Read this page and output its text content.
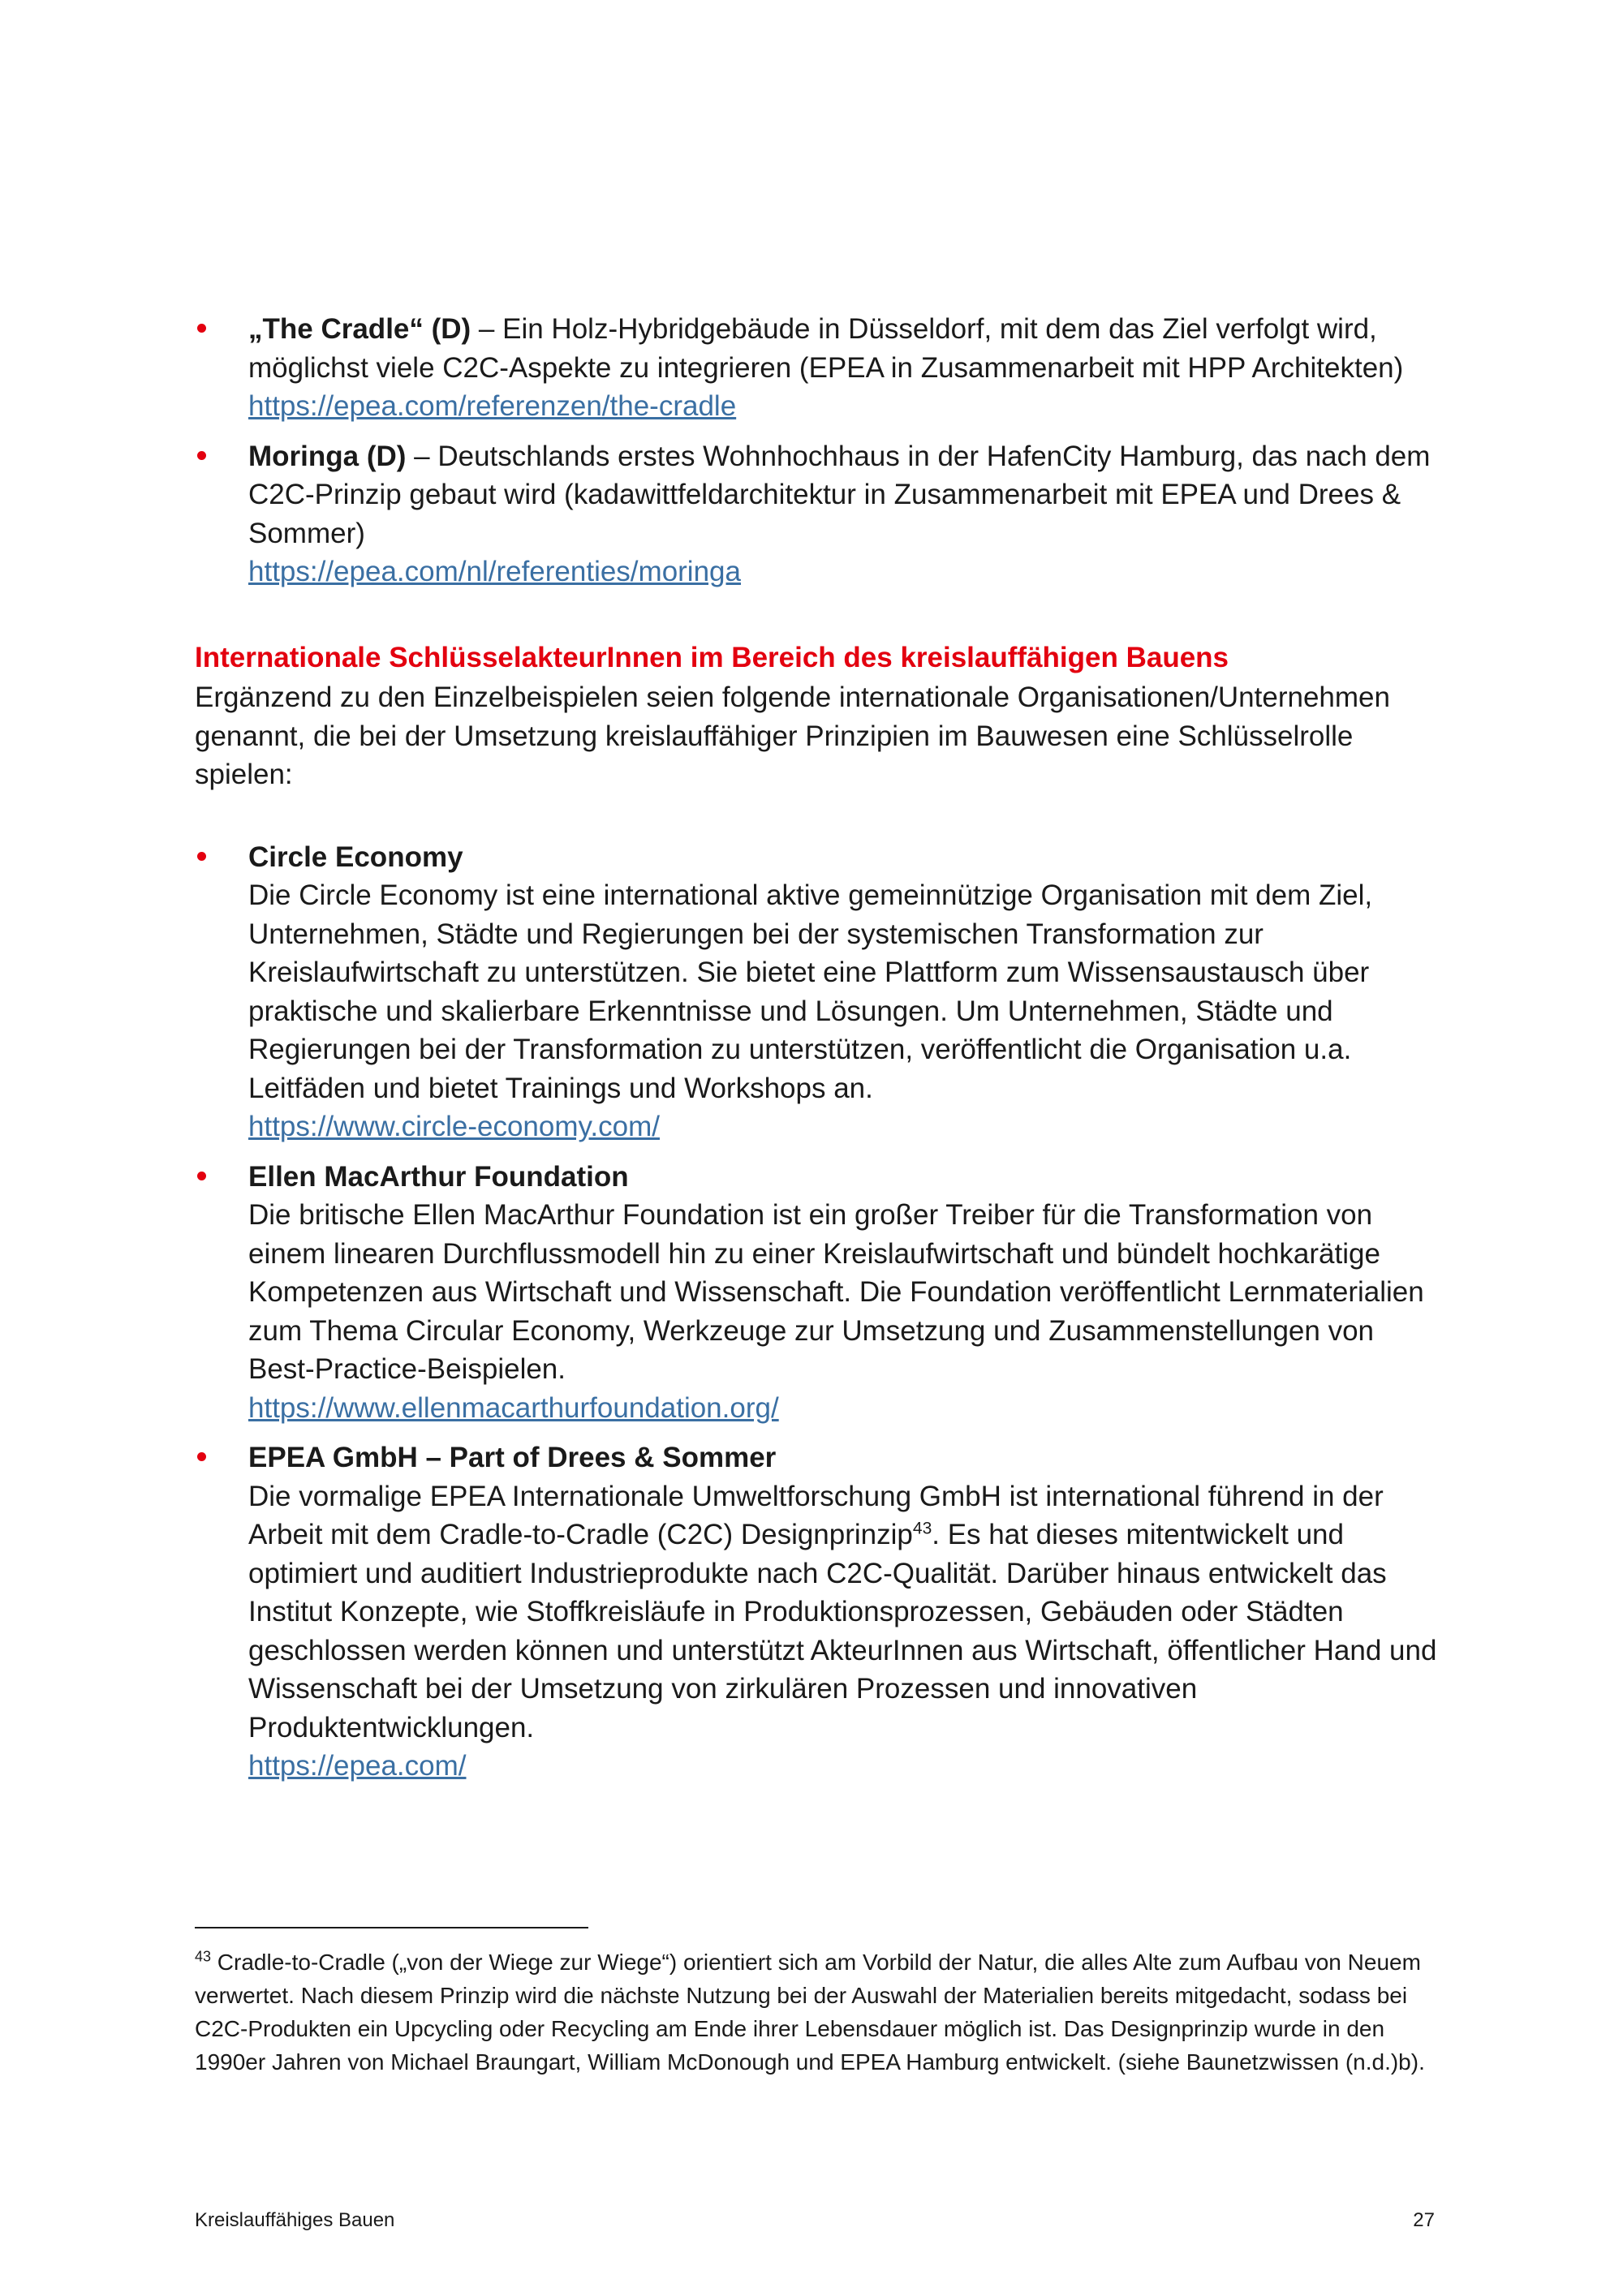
„The Cradle“ (D) – Ein Holz-Hybridgebäude in Düsseldorf, mit dem das Ziel verfolgt wird, möglichst viele C2C-Aspekte zu integrieren (EPEA in Zusammenarbeit mit HPP Architekten)
https://epea.com/referenzen/the-cradle
Moringa (D) – Deutschlands erstes Wohnhochhaus in der HafenCity Hamburg, das nach dem C2C-Prinzip gebaut wird (kadawittfeldarchitektur in Zusammenarbeit mit EPEA und Drees & Sommer)
https://epea.com/nl/referenties/moringa
Internationale SchlüsselakteurInnen im Bereich des kreislauffähigen Bauens

Ergänzend zu den Einzelbeispielen seien folgende internationale Organisationen/Unternehmen genannt, die bei der Umsetzung kreislauffähiger Prinzipien im Bauwesen eine Schlüsselrolle spielen:

Circle Economy
Die Circle Economy ist eine international aktive gemeinnützige Organisation mit dem Ziel, Unternehmen, Städte und Regierungen bei der systemischen Transformation zur Kreislaufwirtschaft zu unterstützen. Sie bietet eine Plattform zum Wissensaustausch über praktische und skalierbare Erkenntnisse und Lösungen. Um Unternehmen, Städte und Regierungen bei der Transformation zu unterstützen, veröffentlicht die Organisation u.a. Leitfäden und bietet Trainings und Workshops an.
https://www.circle-economy.com/
Ellen MacArthur Foundation
Die britische Ellen MacArthur Foundation ist ein großer Treiber für die Transformation von einem linearen Durchflussmodell hin zu einer Kreislaufwirtschaft und bündelt hochkarätige Kompetenzen aus Wirtschaft und Wissenschaft. Die Foundation veröffentlicht Lernmaterialien zum Thema Circular Economy, Werkzeuge zur Umsetzung und Zusammenstellungen von Best-Practice-Beispielen.
https://www.ellenmacarthurfoundation.org/
EPEA GmbH – Part of Drees & Sommer
Die vormalige EPEA Internationale Umweltforschung GmbH ist international führend in der Arbeit mit dem Cradle-to-Cradle (C2C) Designprinzip$^{43}$. Es hat dieses mitentwickelt und optimiert und auditiert Industrieprodukte nach C2C-Qualität. Darüber hinaus entwickelt das Institut Konzepte, wie Stoffkreisläufe in Produktionsprozessen, Gebäuden oder Städten geschlossen werden können und unterstützt AkteurInnen aus Wirtschaft, öffentlicher Hand und Wissenschaft bei der Umsetzung von zirkulären Prozessen und innovativen Produktentwicklungen.
https://epea.com/
$^{43}$ Cradle-to-Cradle („von der Wiege zur Wiege“) orientiert sich am Vorbild der Natur, die alles Alte zum Aufbau von Neuem verwertet. Nach diesem Prinzip wird die nächste Nutzung bei der Auswahl der Materialien bereits mitgedacht, sodass bei C2C-Produkten ein Upcycling oder Recycling am Ende ihrer Lebensdauer möglich ist. Das Designprinzip wurde in den 1990er Jahren von Michael Braungart, William McDonough und EPEA Hamburg entwickelt. (siehe Baunetzwissen (n.d.)b).
Kreislauffähiges Bauen	27
